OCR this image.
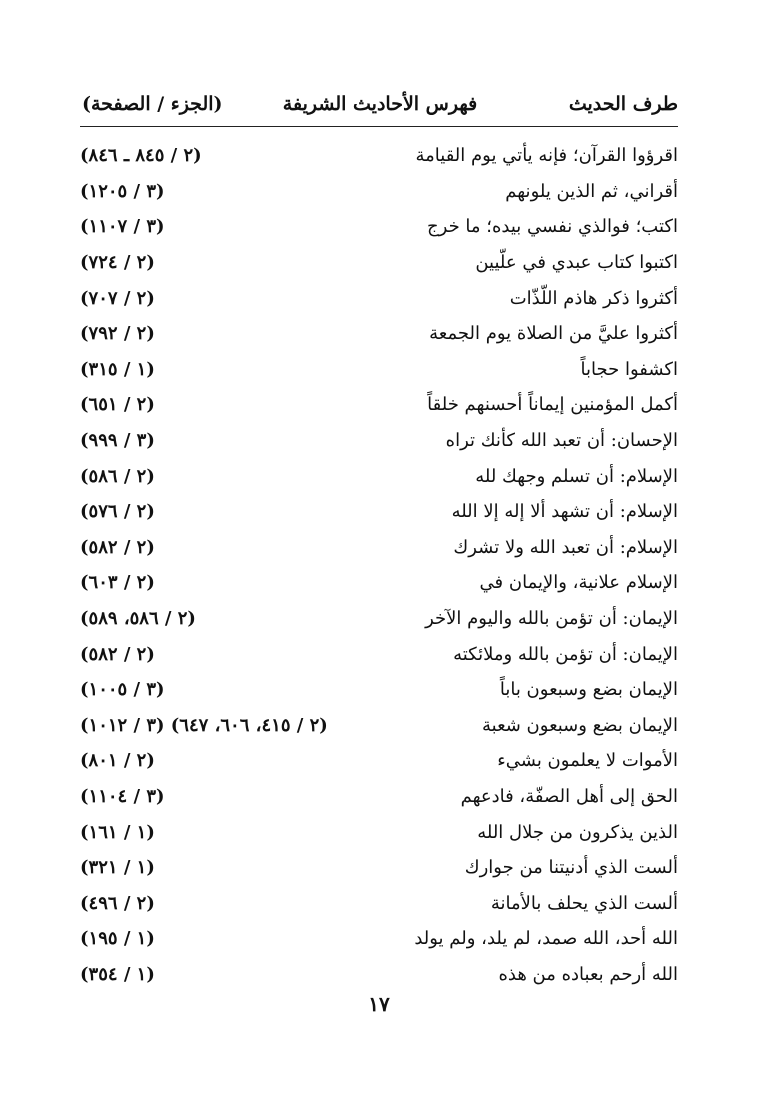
طرف الحديث
فهرس الأحاديث الشريفة
(الجزء / الصفحة)
اقرؤوا القرآن؛ فإنه يأتي يوم القيامة
(٢ / ٨٤٥ ـ ٨٤٦)
أقراني، ثم الذين يلونهم
(٣ / ١٢٠٥)
اكتب؛ فوالذي نفسي بيده؛ ما خرج
(٣ / ١١٠٧)
اكتبوا كتاب عبدي في علّيين
(٢ / ٧٢٤)
أكثروا ذكر هاذم اللّذّات
(٢ / ٧٠٧)
أكثروا عليَّ من الصلاة يوم الجمعة
(٢ / ٧٩٢)
اكشفوا حجاباً
(١ / ٣١٥)
أكمل المؤمنين إيماناً أحسنهم خلقاً
(٢ / ٦٥١)
الإحسان: أن تعبد الله كأنك تراه
(٣ / ٩٩٩)
الإسلام: أن تسلم وجهك لله
(٢ / ٥٨٦)
الإسلام: أن تشهد ألا إله إلا الله
(٢ / ٥٧٦)
الإسلام: أن تعبد الله ولا تشرك
(٢ / ٥٨٢)
الإسلام علانية، والإيمان في
(٢ / ٦٠٣)
الإيمان: أن تؤمن بالله واليوم الآخر
(٢ / ٥٨٦، ٥٨٩)
الإيمان: أن تؤمن بالله وملائكته
(٢ / ٥٨٢)
الإيمان بضع وسبعون باباً
(٣ / ١٠٠٥)
الإيمان بضع وسبعون شعبة
(٢ / ٤١٥، ٦٠٦، ٦٤٧) (٣ / ١٠١٢)
الأموات لا يعلمون بشيء
(٢ / ٨٠١)
الحق إلى أهل الصفّة، فادعهم
(٣ / ١١٠٤)
الذين يذكرون من جلال الله
(١ / ١٦١)
ألست الذي أدنيتنا من جوارك
(١ / ٣٢١)
ألست الذي يحلف بالأمانة
(٢ / ٤٩٦)
الله أحد، الله صمد، لم يلد، ولم يولد
(١ / ١٩٥)
الله أرحم بعباده من هذه
(١ / ٣٥٤)
١٧
